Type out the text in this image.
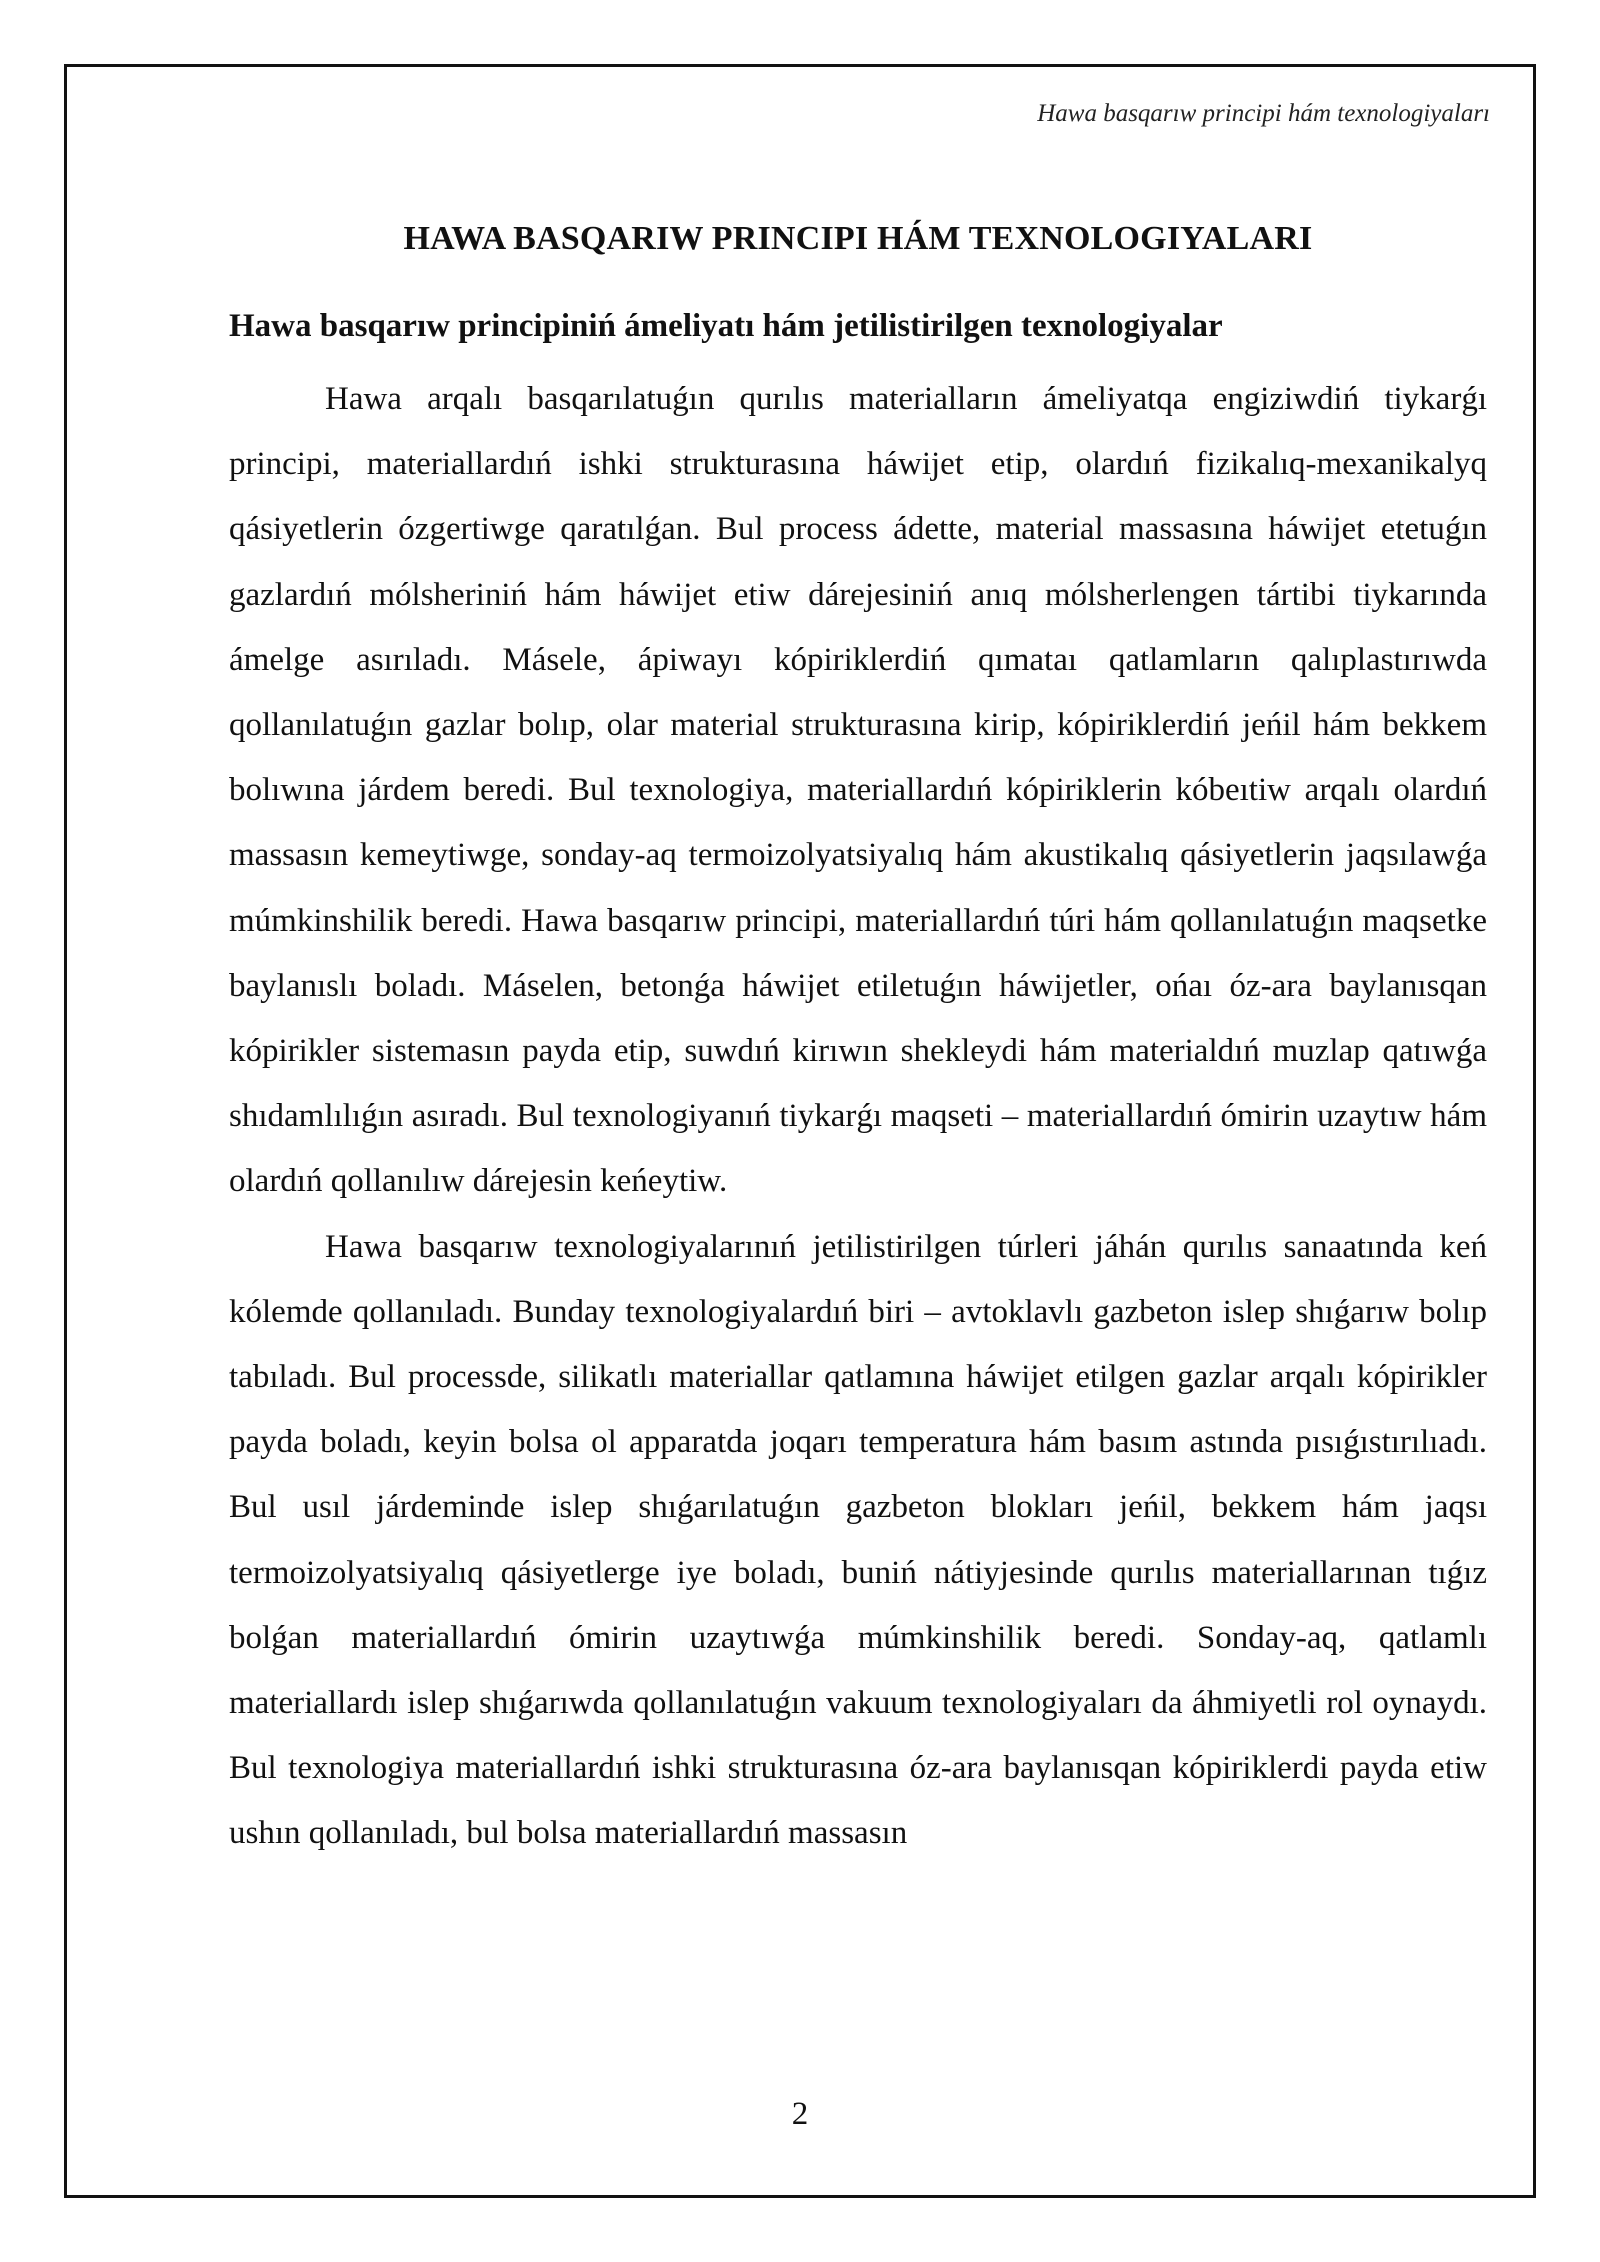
Hawa basqarıw principi hám texnologiyaları

HAWA BASQARIW PRINCIPI HÁM TEXNOLOGIYALARI
Hawa basqarıw principiniń ámeliyatı hám jetilistirilgen texnologiyalar

Hawa arqalı basqarılatuǵın qurılıs materialların ámeliyatqa engiziwdiń tiykarǵı principi, materiallardıń ishki strukturasına háwijet etip, olardıń fizikalıq-mexanikalyq qásiyetlerin ózgertiwge qaratılǵan. Bul process ádette, material massasına háwijet etetuǵın gazlardıń mólsheriniń hám háwijet etiw dárejesiniń anıq mólsherlengen tártibi tiykarında ámelge asırıladı. Másele, ápiwayı kópiriklerdiń qımatаı qatlamların qalıplastırıwda qollanılatuǵın gazlar bolıp, olar material strukturasına kirip, kópiriklerdiń jeńil hám bekkem bolıwına járdem beredi. Bul texnologiya, materiallardıń kópiriklerin kóbeıtiw arqalı olardıń massasın kemeytiwge, sonday-aq termoizolyatsiyalıq hám akustikalıq qásiyetlerin jaqsılawǵa múmkinshilik beredi. Hawa basqarıw principi, materiallardıń túri hám qollanılatuǵın maqsetke baylanıslı boladı. Máselen, betonǵa háwijet etiletuǵın háwijetler, ońaı óz-ara baylanısqan kópirikler sistemasın payda etip, suwdıń kirıwın shekleydi hám materialdıń muzlap qatıwǵa shıdamlılıǵın asıradı. Bul texnologiyanıń tiykarǵı maqseti – materiallardıń ómirin uzaytıw hám olardıń qollanılıw dárejesin keńeytiw.

Hawa basqarıw texnologiyalarınıń jetilistirilgen túrleri jáhán qurılıs sanaatında keń kólemde qollanıladı. Bunday texnologiyalardıń biri – avtoklavlı gazbeton islep shıǵarıw bolıp tabıladı. Bul processde, silikatlı materiallar qatlamına háwijet etilgen gazlar arqalı kópirikler payda boladı, keyin bolsa ol apparatda joqarı temperatura hám basım astında pısıǵıstırılıadı. Bul usıl járdeminde islep shıǵarılatuǵın gazbeton blokları jeńil, bekkem hám jaqsı termoizolyatsiyalıq qásiyetlerge iye boladı, buniń nátiyjesinde qurılıs materiallarınan tıǵız bolǵan materiallardıń ómirin uzaytıwǵa múmkinshilik beredi. Sonday-aq, qatlamlı materiallardı islep shıǵarıwda qollanılatuǵın vakuum texnologiyaları da áhmiyetli rol oynaydı. Bul texnologiya materiallardıń ishki strukturasına óz-ara baylanısqan kópiriklerdi payda etiw ushın qollanıladı, bul bolsa materiallardıń massasın

2
